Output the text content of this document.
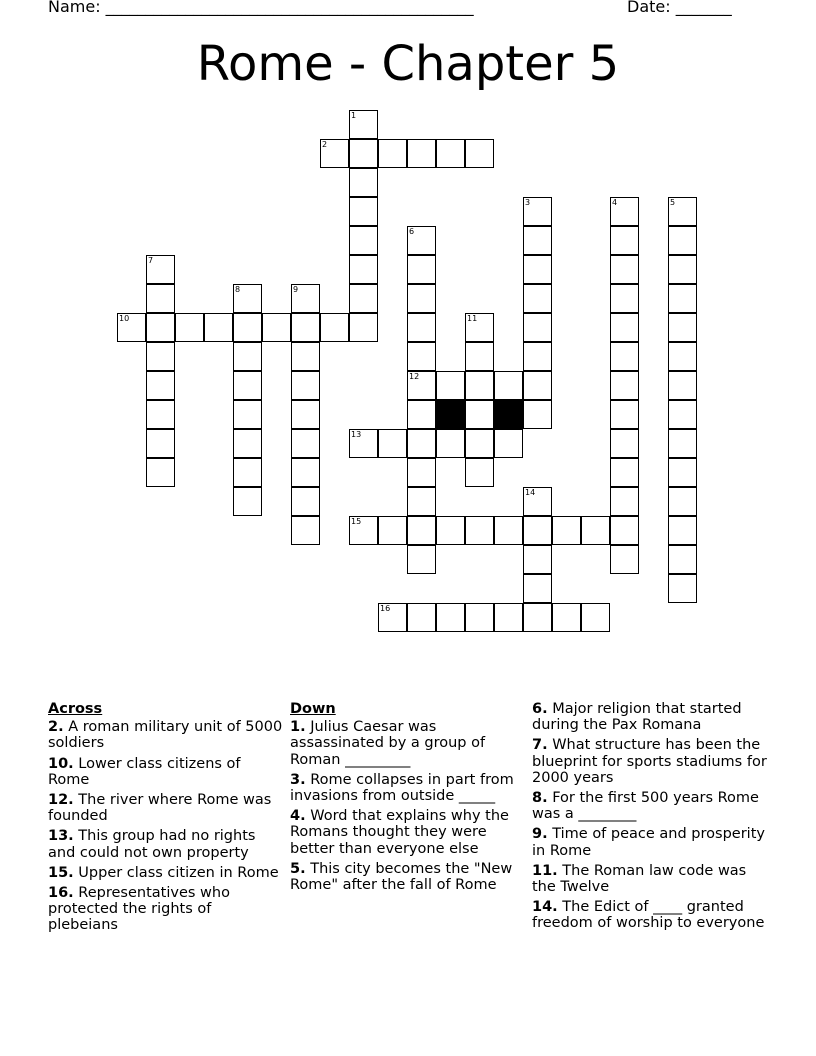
Name: ______________________________________________	Date: _______
Rome - Chapter 5
1
2
3	4	5
6
12
7
8	9
10	11
13
14
15
16
Across
2. A roman military unit of 5000 soldiers
10. Lower class citizens of Rome
12. The river where Rome was founded
13. This group had no rights and could not own property
15. Upper class citizen in Rome
16. Representatives who protected the rights of plebeians
Down
1. Julius Caesar was assassinated by a group of Roman _________
3. Rome collapses in part from invasions from outside _____
4. Word that explains why the Romans thought they were better than everyone else
5. This city becomes the "New Rome" after the fall of Rome
6. Major religion that started during the Pax Romana
7. What structure has been the blueprint for sports stadiums for 2000 years
8. For the first 500 years Rome was a ________
9. Time of peace and prosperity in Rome
11. The Roman law code was the Twelve
14. The Edict of ____ granted freedom of worship to everyone
